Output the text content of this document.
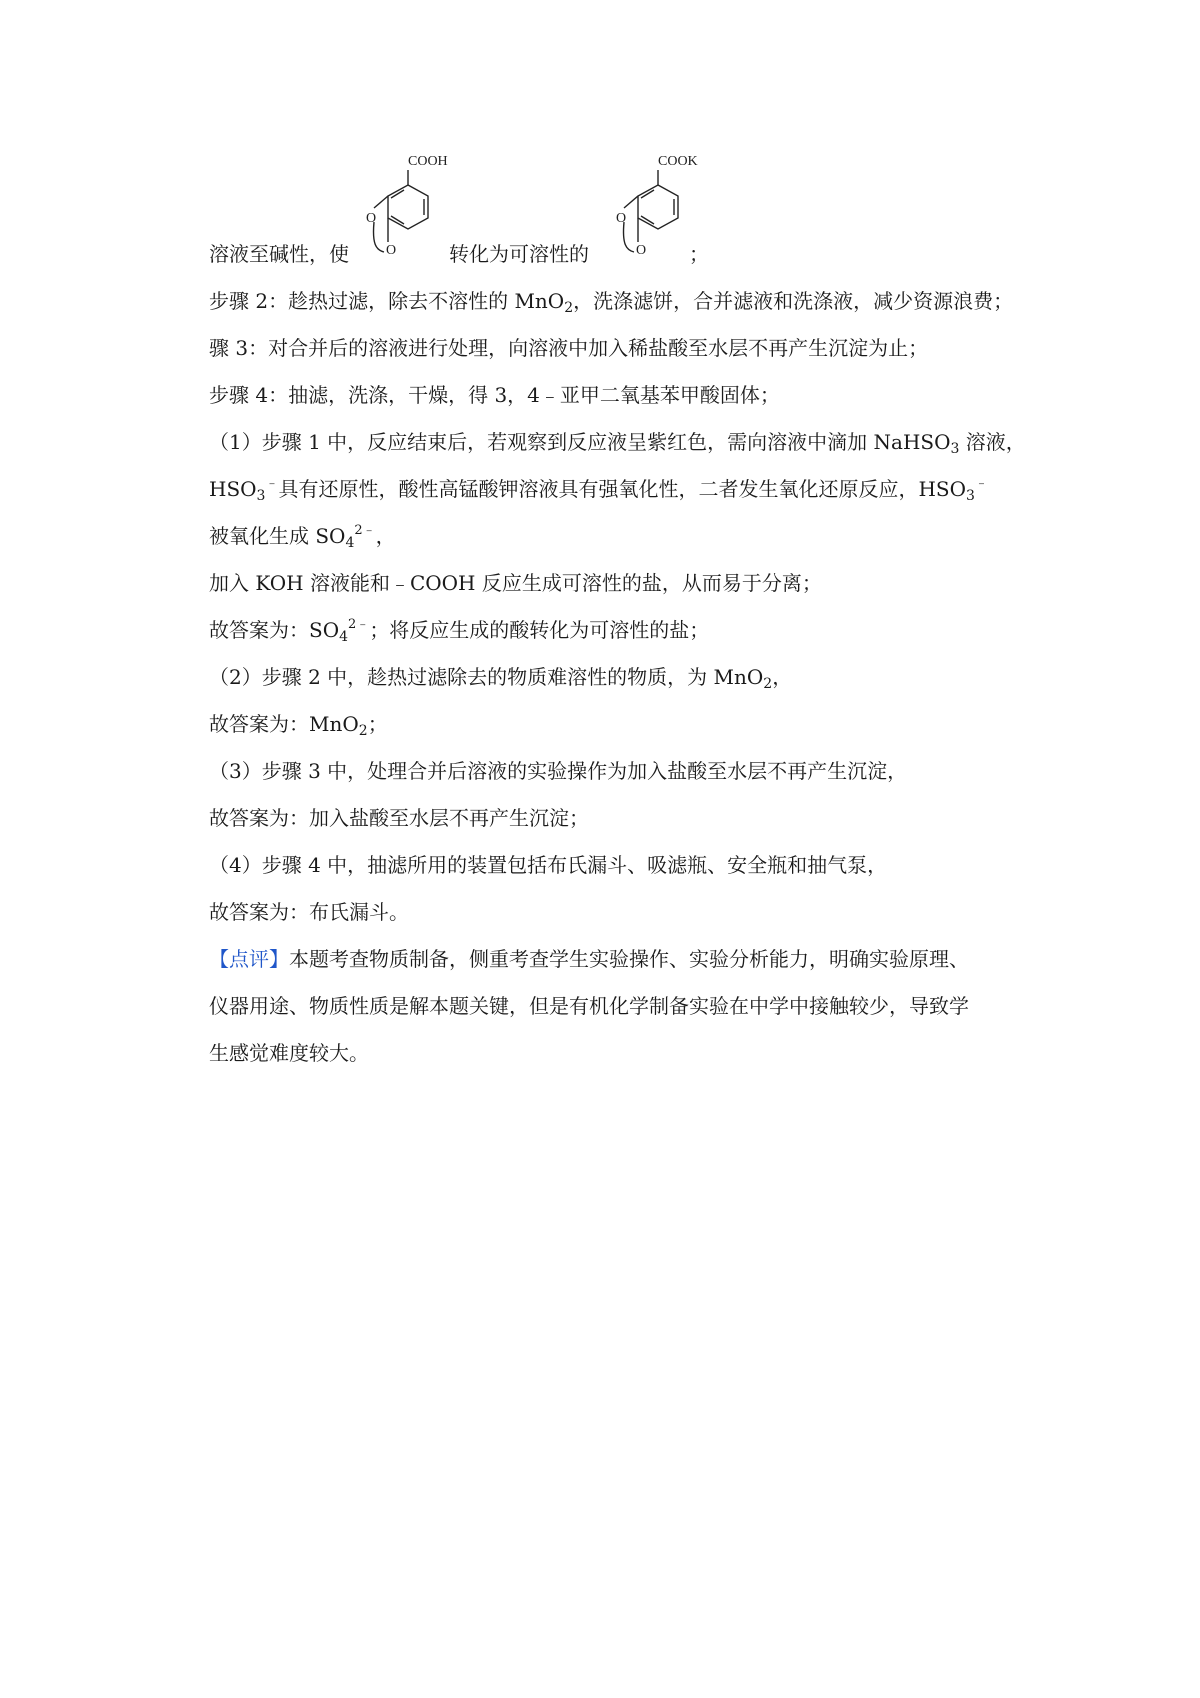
COOH
O
O
COOK
O
O
溶液至碱性，使	转化为可溶性的	；
步骤 2：趁热过滤，除去不溶性的 MnO$_2$，洗涤滤饼，合并滤液和洗涤液，减少资源浪费；
骤 3：对合并后的溶液进行处理，向溶液中加入稀盐酸至水层不再产生沉淀为止；
步骤 4：抽滤，洗涤，干燥，得 3，4﹣亚甲二氧基苯甲酸固体；
（1）步骤 1 中，反应结束后，若观察到反应液呈紫红色，需向溶液中滴加 NaHSO$_3$ 溶液，
$HSO_3^﹣$具有还原性，酸性高锰酸钾溶液具有强氧化性，二者发生氧化还原反应，$HSO_3^﹣$
被氧化生成 $SO_4^{2﹣}$，
加入 KOH 溶液能和﹣COOH 反应生成可溶性的盐，从而易于分离；
故答案为：$SO_4^{2﹣}$；将反应生成的酸转化为可溶性的盐；
（2）步骤 2 中，趁热过滤除去的物质难溶性的物质，为 MnO$_2$，
故答案为：MnO$_2$；
（3）步骤 3 中，处理合并后溶液的实验操作为加入盐酸至水层不再产生沉淀，
故答案为：加入盐酸至水层不再产生沉淀；
（4）步骤 4 中，抽滤所用的装置包括布氏漏斗、吸滤瓶、安全瓶和抽气泵，
故答案为：布氏漏斗。
【点评】本题考查物质制备，侧重考查学生实验操作、实验分析能力，明确实验原理、
仪器用途、物质性质是解本题关键，但是有机化学制备实验在中学中接触较少，导致学
生感觉难度较大。
